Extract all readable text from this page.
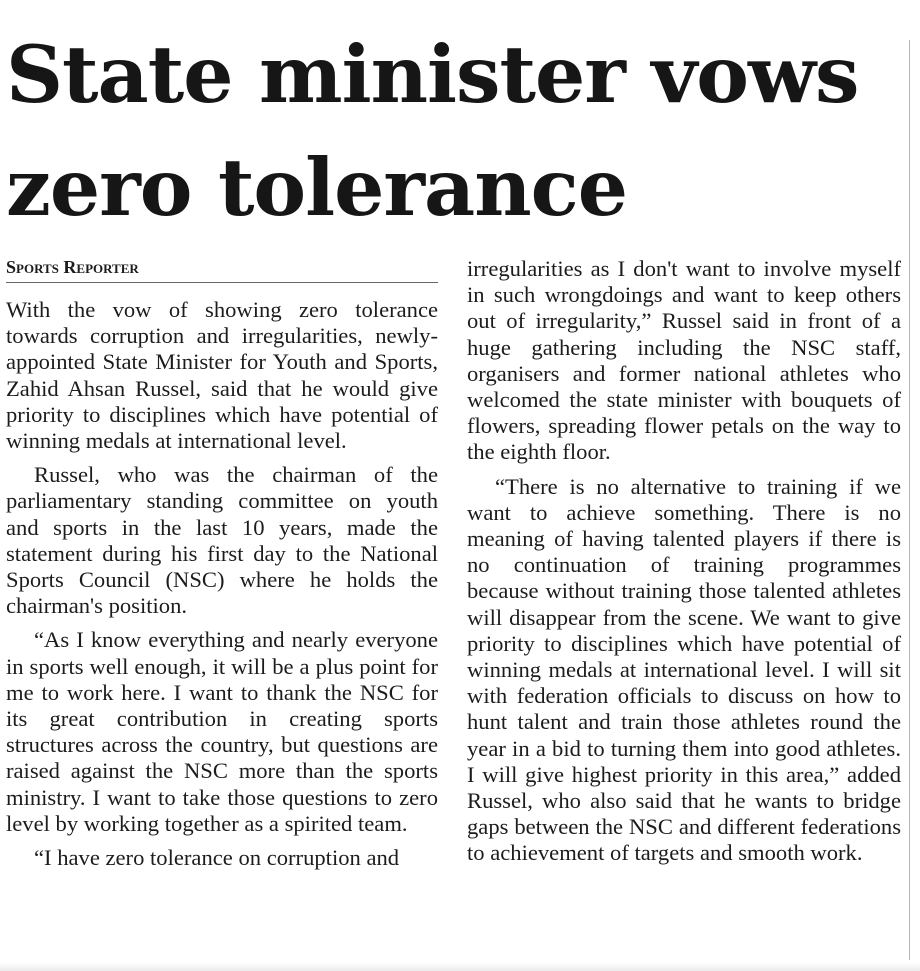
State minister vows zero tolerance
Sports Reporter

With the vow of showing zero tolerance towards corruption and irregularities, newly-appointed State Minister for Youth and Sports, Zahid Ahsan Russel, said that he would give priority to disciplines which have potential of winning medals at international level.

Russel, who was the chairman of the parliamentary standing committee on youth and sports in the last 10 years, made the statement during his first day to the National Sports Council (NSC) where he holds the chairman's position.

“As I know everything and nearly everyone in sports well enough, it will be a plus point for me to work here. I want to thank the NSC for its great contribution in creating sports structures across the country, but questions are raised against the NSC more than the sports ministry. I want to take those questions to zero level by working together as a spirited team.

“I have zero tolerance on corruption and

irregularities as I don't want to involve myself in such wrongdoings and want to keep others out of irregularity,” Russel said in front of a huge gathering including the NSC staff, organisers and former national athletes who welcomed the state minister with bouquets of flowers, spreading flower petals on the way to the eighth floor.

“There is no alternative to training if we want to achieve something. There is no meaning of having talented players if there is no continuation of training programmes because without training those talented athletes will disappear from the scene. We want to give priority to disciplines which have potential of winning medals at international level. I will sit with federation officials to discuss on how to hunt talent and train those athletes round the year in a bid to turning them into good athletes. I will give highest priority in this area,” added Russel, who also said that he wants to bridge gaps between the NSC and different federations to achievement of targets and smooth work.
